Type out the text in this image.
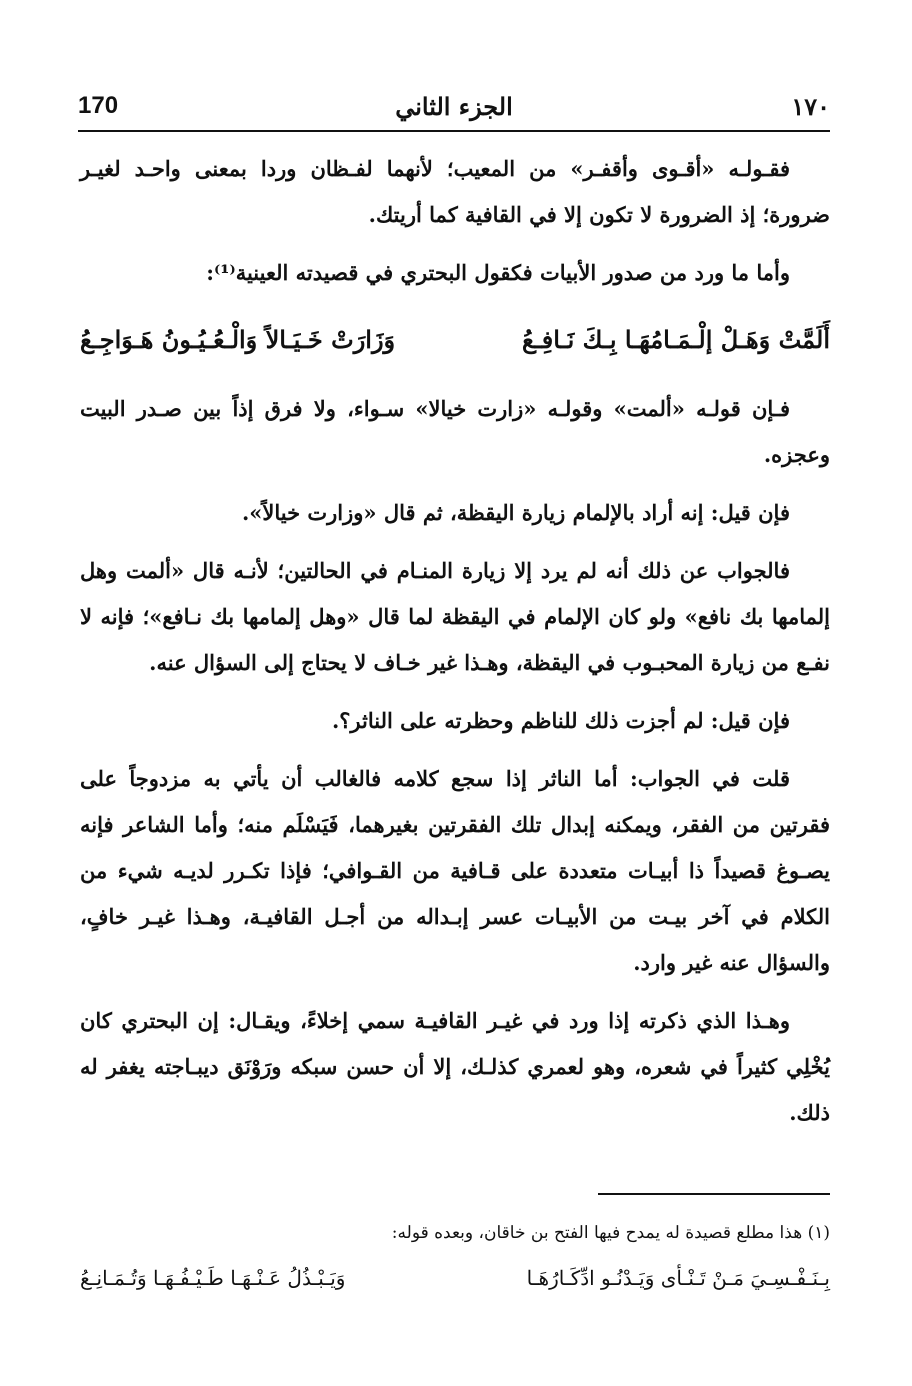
170	الجزء الثاني	١٧٠

فقـولـه «أقـوى وأقفـر» من المعيب؛ لأنهما لفـظان وردا بمعنى واحـد لغيـر ضرورة؛ إذ الضرورة لا تكون إلا في القافية كما أريتك.

وأما ما ورد من صدور الأبيات فكقول البحتري في قصيدته العينية⁽¹⁾:

أَلَمَّتْ وَهَـلْ إلْـمَـامُهَـا بِـكَ نَـافِـعُ
وَزَارَتْ خَـيَـالاً وَالْـعُـيُـونُ هَـوَاجِـعُ

فـإن قولـه «ألمت» وقولـه «زارت خيالا» سـواء، ولا فرق إذاً بين صـدر البيت وعجزه.

فإن قيل: إنه أراد بالإلمام زيارة اليقظة، ثم قال «وزارت خيالاً».

فالجواب عن ذلك أنه لم يرد إلا زيارة المنـام في الحالتين؛ لأنـه قال «ألمت وهل إلمامها بك نافع» ولو كان الإلمام في اليقظة لما قال «وهل إلمامها بك نـافع»؛ فإنه لا نفـع من زيارة المحبـوب في اليقظة، وهـذا غير خـاف لا يحتاج إلى السؤال عنه.

فإن قيل: لم أجزت ذلك للناظم وحظرته على الناثر؟.

قلت في الجواب: أما الناثر إذا سجع كلامه فالغالب أن يأتي به مزدوجاً على فقرتين من الفقر، ويمكنه إبدال تلك الفقرتين بغيرهما، فَيَسْلَم منه؛ وأما الشاعر فإنه يصـوغ قصيداً ذا أبيـات متعددة على قـافية من القـوافي؛ فإذا تكـرر لديـه شيء من الكلام في آخر بيـت من الأبيـات عسر إبـداله من أجـل القافيـة، وهـذا غيـر خافٍ، والسؤال عنه غير وارد.

وهـذا الذي ذكرته إذا ورد في غيـر القافيـة سمي إخلاءً، ويقـال: إن البحتري كان يُخْلِي كثيراً في شعره، وهو لعمري كذلـك، إلا أن حسن سبكه ورَوْنَق ديبـاجته يغفر له ذلك.

(١) هذا مطلع قصيدة له يمدح فيها الفتح بن خاقان، وبعده قوله:

بِـنَـفْـسِـيَ مَـنْ تَـنْـأى وَيَـدْنُـو ادِّكَـارُهَـا
وَيَـبْـذُلُ عَـنْـهَـا طَـيْـفُـهَـا وَتُـمَـانِـعُ
